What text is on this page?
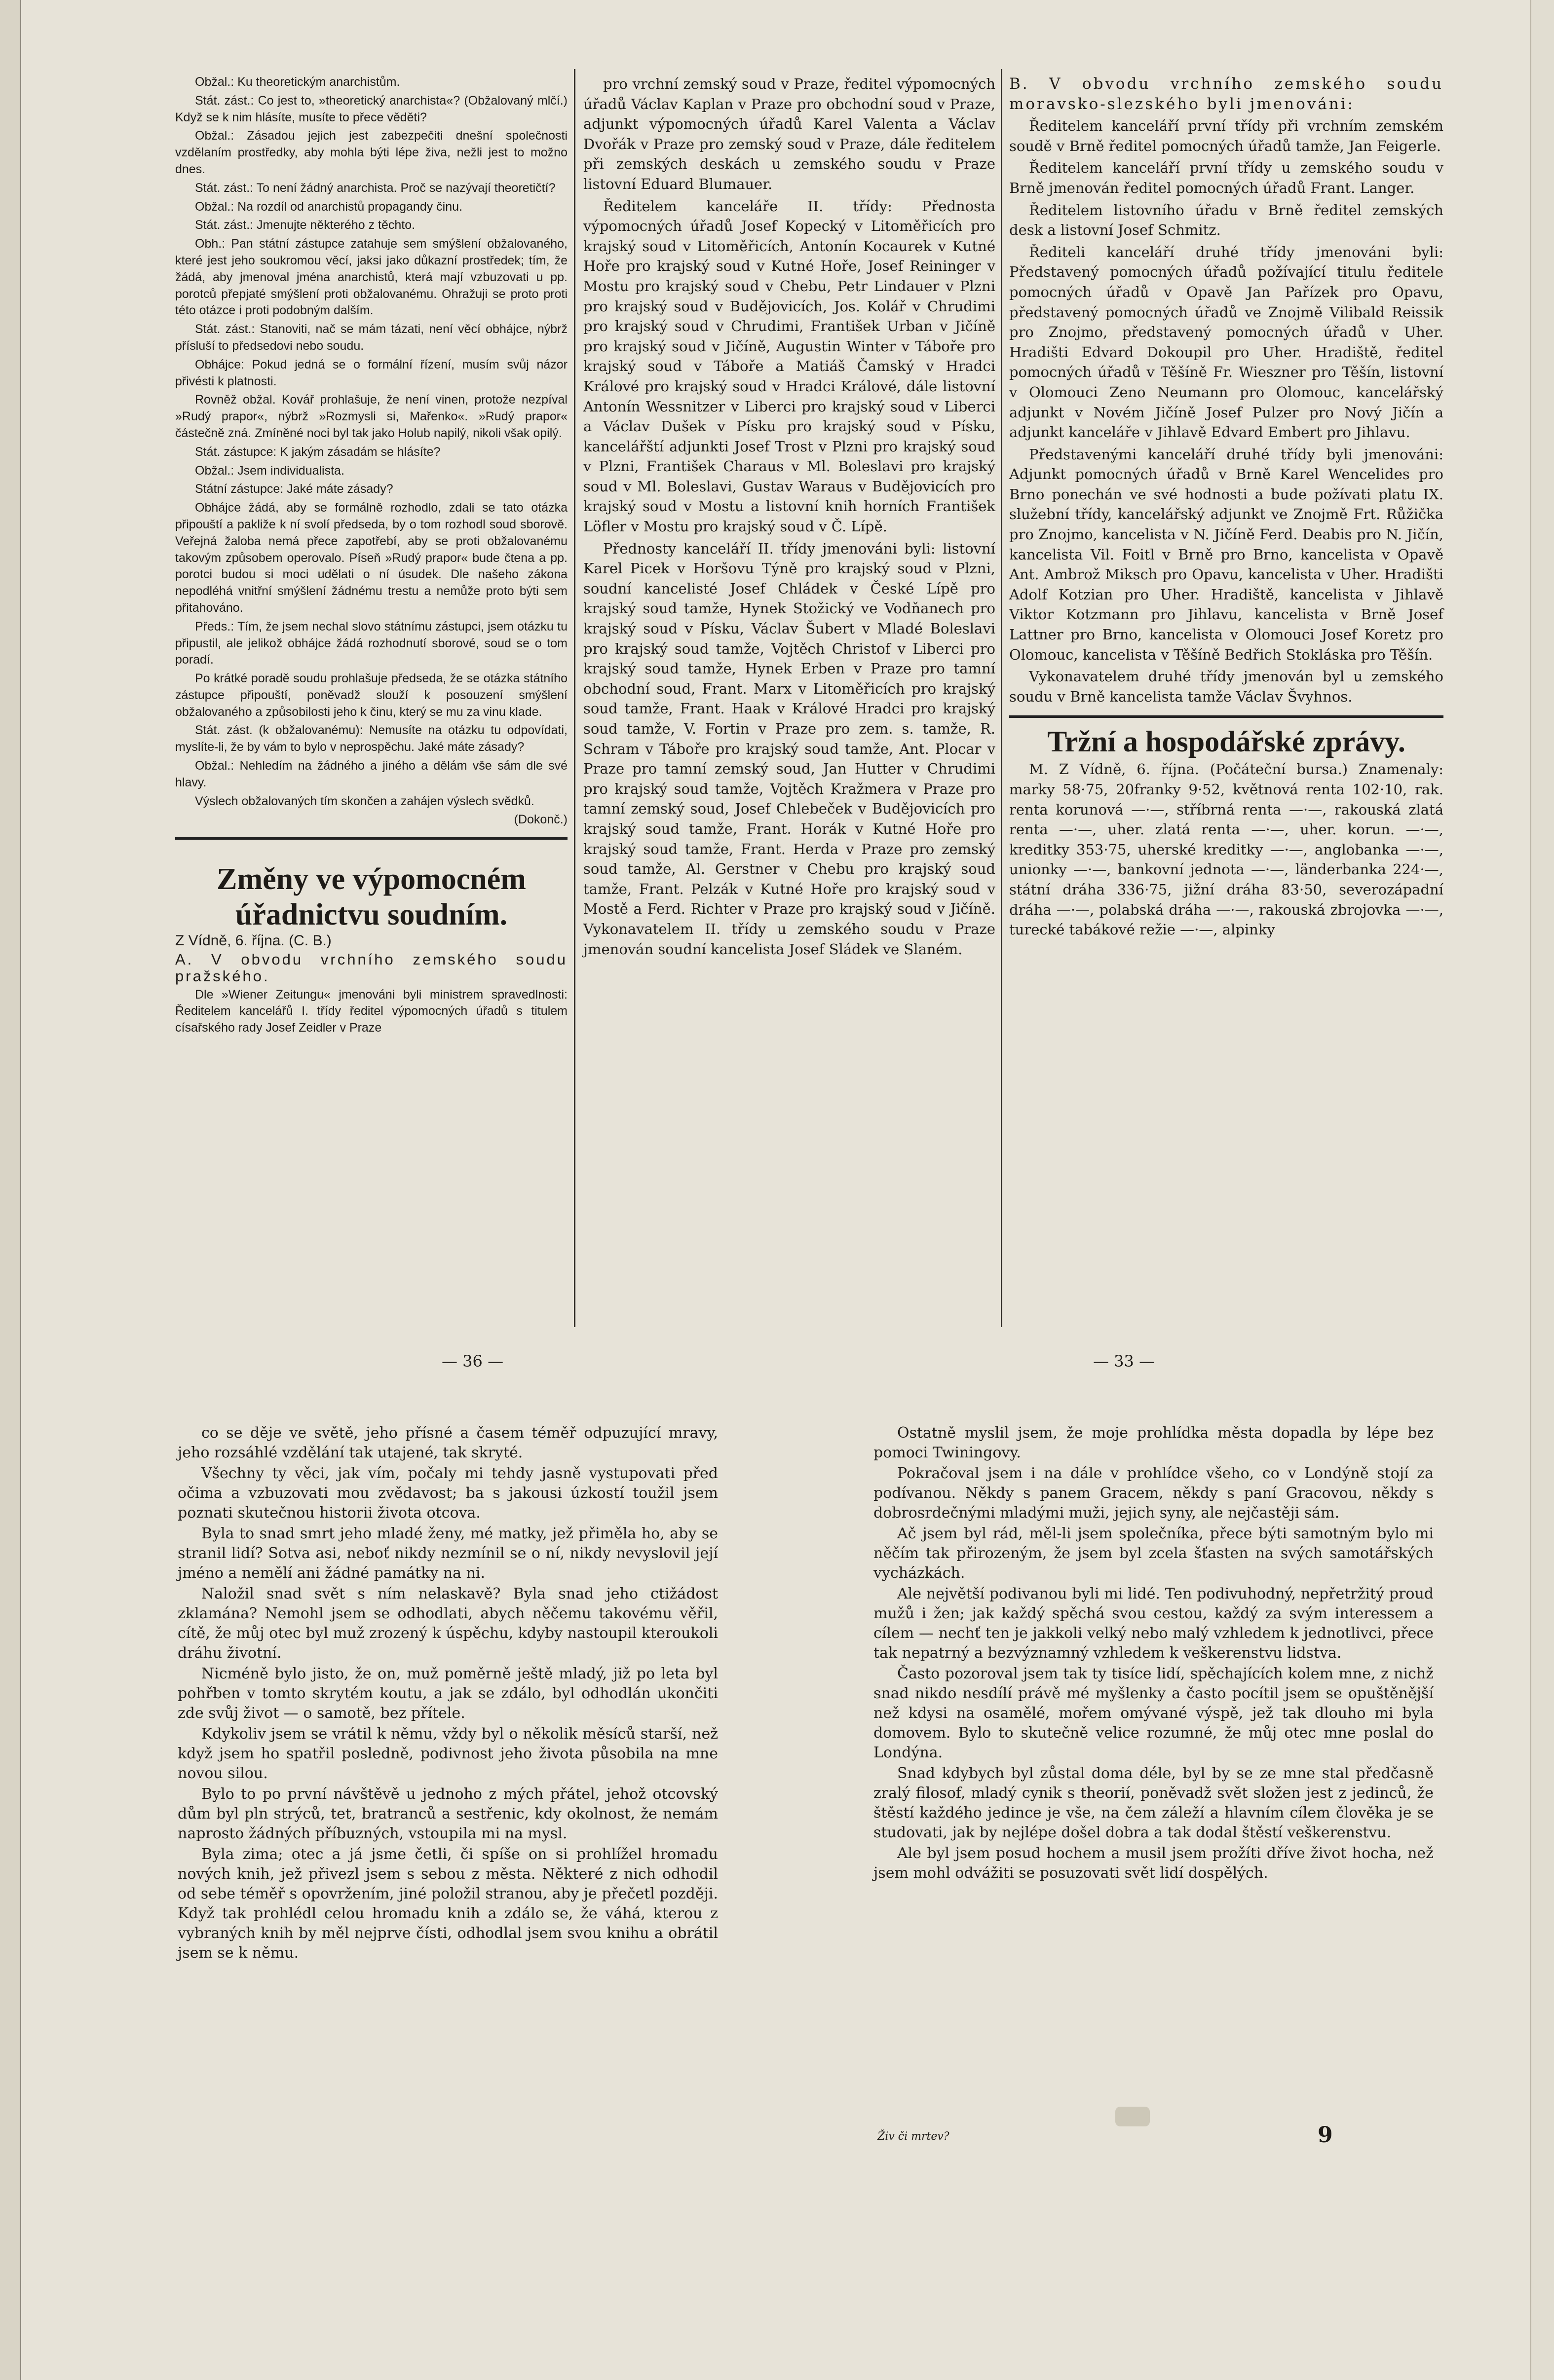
Obžal.: Ku theoretickým anarchistům.

Stát. zást.: Co jest to, »theoretický anarchista«? (Obžalovaný mlčí.) Když se k nim hlásíte, musíte to přece věděti?

Obžal.: Zásadou jejich jest zabezpečiti dnešní společnosti vzdělaním prostředky, aby mohla býti lépe živa, nežli jest to možno dnes.

Stát. zást.: To není žádný anarchista. Proč se nazývají theoretičtí?

Obžal.: Na rozdíl od anarchistů propagandy činu.

Stát. zást.: Jmenujte některého z těchto.

Obh.: Pan státní zástupce zatahuje sem smýšlení obžalovaného, které jest jeho soukromou věcí, jaksi jako důkazní prostředek; tím, že žádá, aby jmenoval jména anarchistů, která mají vzbuzovati u pp. porotců přepjaté smýšlení proti obžalovanému. Ohražuji se proto proti této otázce i proti podobným dalším.

Stát. zást.: Stanoviti, nač se mám tázati, není věcí obhájce, nýbrž přísluší to předsedovi nebo soudu.

Obhájce: Pokud jedná se o formální řízení, musím svůj názor přivésti k platnosti.

Rovněž obžal. Kovář prohlašuje, že není vinen, protože nezpíval »Rudý prapor«, nýbrž »Rozmysli si, Mařenko«. »Rudý prapor« částečně zná. Zmíněné noci byl tak jako Holub napilý, nikoli však opilý.

Stát. zástupce: K jakým zásadám se hlásíte?

Obžal.: Jsem individualista.

Státní zástupce: Jaké máte zásady?

Obhájce žádá, aby se formálně rozhodlo, zdali se tato otázka připouští a pakliže k ní svolí předseda, by o tom rozhodl soud sborově. Veřejná žaloba nemá přece zapotřebí, aby se proti obžalovanému takovým způsobem operovalo. Píseň »Rudý prapor« bude čtena a pp. porotci budou si moci udělati o ní úsudek. Dle našeho zákona nepodléhá vnitřní smýšlení žádnému trestu a nemůže proto býti sem přitahováno.

Předs.: Tím, že jsem nechal slovo státnímu zástupci, jsem otázku tu připustil, ale jelikož obhájce žádá rozhodnutí sborové, soud se o tom poradí.

Po krátké poradě soudu prohlašuje předseda, že se otázka státního zástupce připouští, poněvadž slouží k posouzení smýšlení obžalovaného a způsobilosti jeho k činu, který se mu za vinu klade.

Stát. zást. (k obžalovanému): Nemusíte na otázku tu odpovídati, myslíte-li, že by vám to bylo v neprospěchu. Jaké máte zásady?

Obžal.: Nehledím na žádného a jiného a dělám vše sám dle své hlavy.

Výslech obžalovaných tím skončen a zahájen výslech svědků.

(Dokonč.)

Změny ve výpomocném úřadnictvu soudním.

Z Vídně, 6. října. (C. B.)

A. V obvodu vrchního zemského soudu pražského.

Dle »Wiener Zeitungu« jmenováni byli ministrem spravedlnosti: Ředitelem kancelářů I. třídy ředitel výpomocných úřadů s titulem císařského rady Josef Zeidler v Praze

pro vrchní zemský soud v Praze, ředitel výpomocných úřadů Václav Kaplan v Praze pro obchodní soud v Praze, adjunkt výpomocných úřadů Karel Valenta a Václav Dvořák v Praze pro zemský soud v Praze, dále ředitelem při zemských deskách u zemského soudu v Praze listovní Eduard Blumauer.

Ředitelem kanceláře II. třídy: Přednosta výpomocných úřadů Josef Kopecký v Litoměřicích pro krajský soud v Litoměřicích, Antonín Kocaurek v Kutné Hoře pro krajský soud v Kutné Hoře, Josef Reininger v Mostu pro krajský soud v Chebu, Petr Lindauer v Plzni pro krajský soud v Budějovicích, Jos. Kolář v Chrudimi pro krajský soud v Chrudimi, František Urban v Jičíně pro krajský soud v Jičíně, Augustin Winter v Táboře pro krajský soud v Táboře a Matiáš Čamský v Hradci Králové pro krajský soud v Hradci Králové, dále listovní Antonín Wessnitzer v Liberci pro krajský soud v Liberci a Václav Dušek v Písku pro krajský soud v Písku, kancelářští adjunkti Josef Trost v Plzni pro krajský soud v Plzni, František Charaus v Ml. Boleslavi pro krajský soud v Ml. Boleslavi, Gustav Waraus v Budějovicích pro krajský soud v Mostu a listovní knih horních František Löfler v Mostu pro krajský soud v Č. Lípě.

Přednosty kanceláří II. třídy jmenováni byli: listovní Karel Picek v Horšovu Týně pro krajský soud v Plzni, soudní kancelisté Josef Chládek v České Lípě pro krajský soud tamže, Hynek Stožický ve Vodňanech pro krajský soud v Písku, Václav Šubert v Mladé Boleslavi pro krajský soud tamže, Vojtěch Christof v Liberci pro krajský soud tamže, Hynek Erben v Praze pro tamní obchodní soud, Frant. Marx v Litoměřicích pro krajský soud tamže, Frant. Haak v Králové Hradci pro krajský soud tamže, V. Fortin v Praze pro zem. s. tamže, R. Schram v Táboře pro krajský soud tamže, Ant. Plocar v Praze pro tamní zemský soud, Jan Hutter v Chrudimi pro krajský soud tamže, Vojtěch Kražmera v Praze pro tamní zemský soud, Josef Chlebeček v Budějovicích pro krajský soud tamže, Frant. Horák v Kutné Hoře pro krajský soud tamže, Frant. Herda v Praze pro zemský soud tamže, Al. Gerstner v Chebu pro krajský soud tamže, Frant. Pelzák v Kutné Hoře pro krajský soud v Mostě a Ferd. Richter v Praze pro krajský soud v Jičíně. Vykonavatelem II. třídy u zemského soudu v Praze jmenován soudní kancelista Josef Sládek ve Slaném.

B. V obvodu vrchního zemského soudu moravsko-slezského byli jmenováni:

Ředitelem kanceláří první třídy při vrchním zemském soudě v Brně ředitel pomocných úřadů tamže, Jan Feigerle.

Ředitelem kanceláří první třídy u zemského soudu v Brně jmenován ředitel pomocných úřadů Frant. Langer.

Ředitelem listovního úřadu v Brně ředitel zemských desk a listovní Josef Schmitz.

Řediteli kanceláří druhé třídy jmenováni byli: Představený pomocných úřadů požívající titulu ředitele pomocných úřadů v Opavě Jan Pařízek pro Opavu, představený pomocných úřadů ve Znojmě Vilibald Reissik pro Znojmo, představený pomocných úřadů v Uher. Hradišti Edvard Dokoupil pro Uher. Hradiště, ředitel pomocných úřadů v Těšíně Fr. Wieszner pro Těšín, listovní v Olomouci Zeno Neumann pro Olomouc, kancelářský adjunkt v Novém Jičíně Josef Pulzer pro Nový Jičín a adjunkt kanceláře v Jihlavě Edvard Embert pro Jihlavu.

Představenými kanceláří druhé třídy byli jmenováni: Adjunkt pomocných úřadů v Brně Karel Wencelides pro Brno ponechán ve své hodnosti a bude požívati platu IX. služební třídy, kancelářský adjunkt ve Znojmě Frt. Růžička pro Znojmo, kancelista v N. Jičíně Ferd. Deabis pro N. Jičín, kancelista Vil. Foitl v Brně pro Brno, kancelista v Opavě Ant. Ambrož Miksch pro Opavu, kancelista v Uher. Hradišti Adolf Kotzian pro Uher. Hradiště, kancelista v Jihlavě Viktor Kotzmann pro Jihlavu, kancelista v Brně Josef Lattner pro Brno, kancelista v Olomouci Josef Koretz pro Olomouc, kancelista v Těšíně Bedřich Stokláska pro Těšín.

Vykonavatelem druhé třídy jmenován byl u zemského soudu v Brně kancelista tamže Václav Švyhnos.

Tržní a hospodářské zprávy.

M. Z Vídně, 6. října. (Počáteční bursa.) Znamenaly: marky 58·75, 20franky 9·52, květnová renta 102·10, rak. renta korunová —·—, stříbrná renta —·—, rakouská zlatá renta —·—, uher. zlatá renta —·—, uher. korun. —·—, kreditky 353·75, uherské kreditky —·—, anglobanka —·—, unionky —·—, bankovní jednota —·—, länderbanka 224·—, státní dráha 336·75, jižní dráha 83·50, severozápadní dráha —·—, polabská dráha —·—, rakouská zbrojovka —·—, turecké tabákové režie —·—, alpinky

— 36 —	— 33 —

co se děje ve světě, jeho přísné a časem téměř odpuzující mravy, jeho rozsáhlé vzdělání tak utajené, tak skryté.

Všechny ty věci, jak vím, počaly mi tehdy jasně vystupovati před očima a vzbuzovati mou zvědavost; ba s jakousi úzkostí toužil jsem poznati skutečnou historii života otcova.

Byla to snad smrt jeho mladé ženy, mé matky, jež přiměla ho, aby se stranil lidí? Sotva asi, neboť nikdy nezmínil se o ní, nikdy nevyslovil její jméno a nemělí ani žádné památky na ni.

Naložil snad svět s ním nelaskavě? Byla snad jeho ctižádost zklamána? Nemohl jsem se odhodlati, abych něčemu takovému věřil, cítě, že můj otec byl muž zrozený k úspěchu, kdyby nastoupil kteroukoli dráhu životní.

Nicméně bylo jisto, že on, muž poměrně ještě mladý, již po leta byl pohřben v tomto skrytém koutu, a jak se zdálo, byl odhodlán ukončiti zde svůj život — o samotě, bez přítele.

Kdykoliv jsem se vrátil k němu, vždy byl o několik měsíců starší, než když jsem ho spatřil posledně, podivnost jeho života působila na mne novou silou.

Bylo to po první návštěvě u jednoho z mých přátel, jehož otcovský dům byl pln strýců, tet, bratranců a sestřenic, kdy okolnost, že nemám naprosto žádných příbuzných, vstoupila mi na mysl.

Byla zima; otec a já jsme četli, či spíše on si prohlížel hromadu nových knih, jež přivezl jsem s sebou z města. Některé z nich odhodil od sebe téměř s opovržením, jiné položil stranou, aby je přečetl později. Když tak prohlédl celou hromadu knih a zdálo se, že váhá, kterou z vybraných knih by měl nejprve čísti, odhodlal jsem svou knihu a obrátil jsem se k němu.

Ostatně myslil jsem, že moje prohlídka města dopadla by lépe bez pomoci Twiningovy.

Pokračoval jsem i na dále v prohlídce všeho, co v Londýně stojí za podívanou. Někdy s panem Gracem, někdy s paní Gracovou, někdy s dobrosrdečnými mladými muži, jejich syny, ale nejčastěji sám.

Ač jsem byl rád, měl-li jsem společníka, přece býti samotným bylo mi něčím tak přirozeným, že jsem byl zcela šťasten na svých samotářských vycházkách.

Ale největší podivanou byli mi lidé. Ten podivuhodný, nepřetržitý proud mužů i žen; jak každý spěchá svou cestou, každý za svým interessem a cílem — nechť ten je jakkoli velký nebo malý vzhledem k jednotlivci, přece tak nepatrný a bezvýznamný vzhledem k veškerenstvu lidstva.

Často pozoroval jsem tak ty tisíce lidí, spěchajících kolem mne, z nichž snad nikdo nesdílí právě mé myšlenky a často pocítil jsem se opuštěnější než kdysi na osamělé, mořem omývané výspě, jež tak dlouho mi byla domovem. Bylo to skutečně velice rozumné, že můj otec mne poslal do Londýna.

Snad kdybych byl zůstal doma déle, byl by se ze mne stal předčasně zralý filosof, mladý cynik s theorií, poněvadž svět složen jest z jedinců, že štěstí každého jedince je vše, na čem záleží a hlavním cílem člověka je se studovati, jak by nejlépe došel dobra a tak dodal štěstí veškerenstvu.

Ale byl jsem posud hochem a musil jsem prožíti dříve život hocha, než jsem mohl odvážiti se posuzovati svět lidí dospělých.

Živ či mrtev?	9
